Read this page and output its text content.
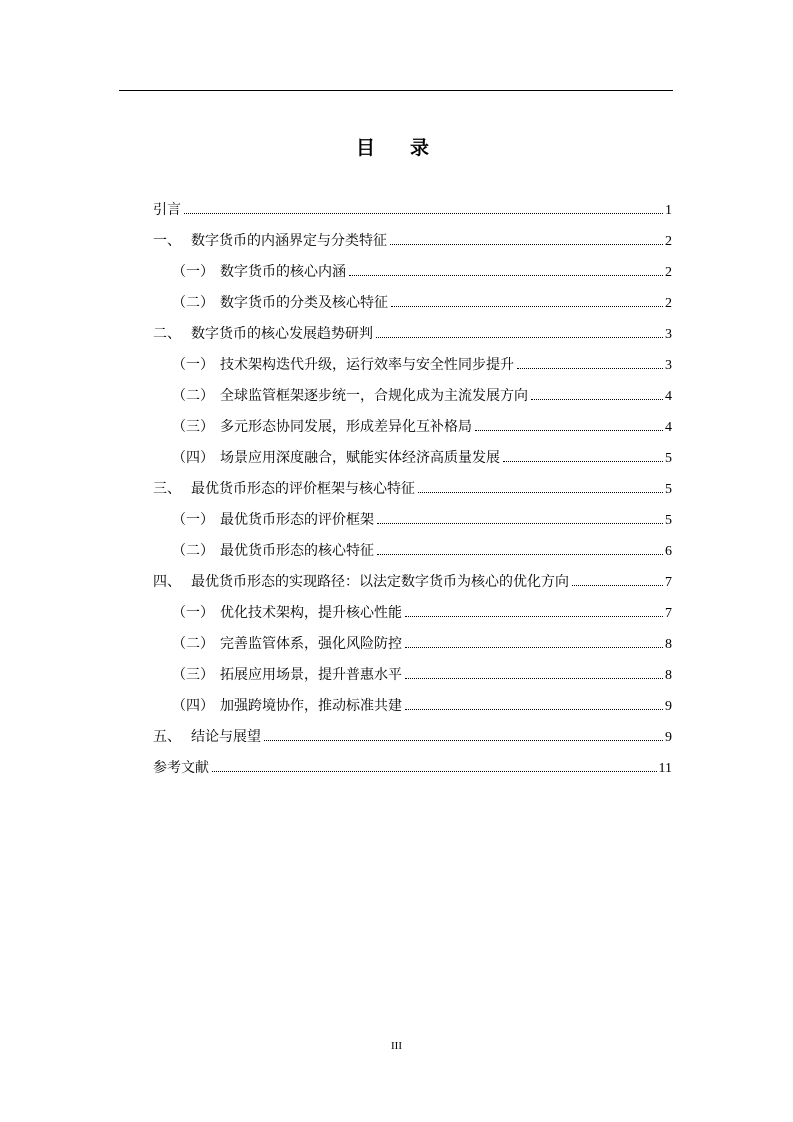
目　录
引言	1
一、 数字货币的内涵界定与分类特征	2
（一） 数字货币的核心内涵	2
（二） 数字货币的分类及核心特征	2
二、 数字货币的核心发展趋势研判	3
（一） 技术架构迭代升级，运行效率与安全性同步提升	3
（二） 全球监管框架逐步统一，合规化成为主流发展方向	4
（三） 多元形态协同发展，形成差异化互补格局	4
（四） 场景应用深度融合，赋能实体经济高质量发展	5
三、 最优货币形态的评价框架与核心特征	5
（一） 最优货币形态的评价框架	5
（二） 最优货币形态的核心特征	6
四、 最优货币形态的实现路径：以法定数字货币为核心的优化方向	7
（一） 优化技术架构，提升核心性能	7
（二） 完善监管体系，强化风险防控	8
（三） 拓展应用场景，提升普惠水平	8
（四） 加强跨境协作，推动标准共建	9
五、 结论与展望	9
参考文献	11
III
